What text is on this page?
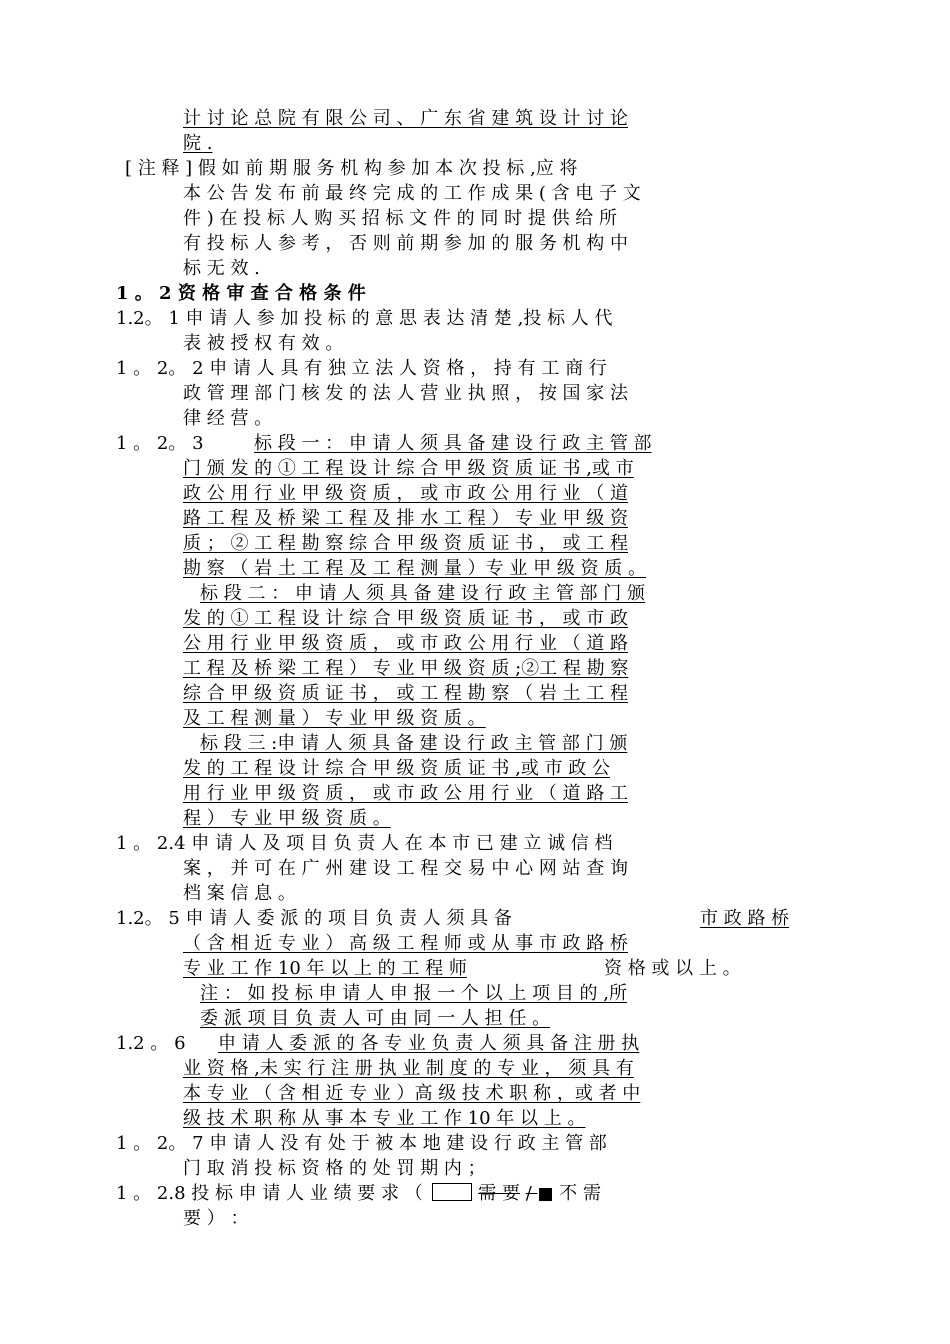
计 讨 论 总 院 有 限 公 司 、 广 东 省 建 筑 设 计 讨 论
院 .
[ 注 释 ] 假 如 前 期 服 务 机 构 参 加 本 次 投 标 ,应 将
本 公 告 发 布 前 最 终 完 成 的 工 作 成 果 ( 含 电 子 文
件 ) 在 投 标 人 购 买 招 标 文 件 的 同 时 提 供 给 所
有 投 标 人 参 考 ， 否 则 前 期 参 加 的 服 务 机 构 中
标 无 效 .
1 。 2 资 格 审 查 合 格 条 件
1.2。 1 申 请 人 参 加 投 标 的 意 思 表 达 清 楚 ,投 标 人 代
表 被 授 权 有 效 。
1 。 2。 2 申 请 人 具 有 独 立 法 人 资 格 ， 持 有 工 商 行
政 管 理 部 门 核 发 的 法 人 营 业 执 照 ， 按 国 家 法
律 经 营 。
1 。 2。 3	标 段 一 ： 申 请 人 须 具 备 建 设 行 政 主 管 部
门 颁 发 的 ① 工 程 设 计 综 合 甲 级 资 质 证 书 ,或 市
政 公 用 行 业 甲 级 资 质 ， 或 市 政 公 用 行 业 （ 道
路 工 程 及 桥 梁 工 程 及 排 水 工 程 ） 专 业 甲 级 资
质 ； ② 工 程 勘 察 综 合 甲 级 资 质 证 书 ， 或 工 程
勘 察 （ 岩 土 工 程 及 工 程 测 量 ）专 业 甲 级 资 质 。
标 段 二 ： 申 请 人 须 具 备 建 设 行 政 主 管 部 门 颁
发 的 ① 工 程 设 计 综 合 甲 级 资 质 证 书 ， 或 市 政
公 用 行 业 甲 级 资 质 ， 或 市 政 公 用 行 业 （ 道 路
工 程 及 桥 梁 工 程 ） 专 业 甲 级 资 质 ;②工 程 勘 察
综 合 甲 级 资 质 证 书 ， 或 工 程 勘 察 （ 岩 土 工 程
及 工 程 测 量 ） 专 业 甲 级 资 质 。
标 段 三 :申 请 人 须 具 备 建 设 行 政 主 管 部 门 颁
发 的 工 程 设 计 综 合 甲 级 资 质 证 书 ,或 市 政 公
用 行 业 甲 级 资 质 ， 或 市 政 公 用 行 业 （ 道 路 工
程 ） 专 业 甲 级 资 质 。
1 。 2.4 申 请 人 及 项 目 负 责 人 在 本 市 已 建 立 诚 信 档
案 ， 并 可 在 广 州 建 设 工 程 交 易 中 心 网 站 查 询
档 案 信 息 。
1.2。 5 申 请 人 委 派 的 项 目 负 责 人 须 具 备	市 政 路 桥
（ 含 相 近 专 业 ） 高 级 工 程 师 或 从 事 市 政 路 桥
专 业 工 作 10 年 以 上 的 工 程 师	资 格 或 以 上 。
注 ： 如 投 标 申 请 人 申 报 一 个 以 上 项 目 的 ,所
委 派 项 目 负 责 人 可 由 同 一 人 担 任 。
1.2 。 6 申 请 人 委 派 的 各 专 业 负 责 人 须 具 备 注 册 执
业 资 格 ,未 实 行 注 册 执 业 制 度 的 专 业 ， 须 具 有
本 专 业 （ 含 相 近 专 业 ）高 级 技 术 职 称 ，或 者 中
级 技 术 职 称 从 事 本 专 业 工 作 10 年 以 上 。
1 。 2。 7 申 请 人 没 有 处 于 被 本 地 建 设 行 政 主 管 部
门 取 消 投 标 资 格 的 处 罚 期 内 ；
1 。 2.8 投 标 申 请 人 业 绩 要 求 （	需 要 / ■ 不 需
要 ） ：
